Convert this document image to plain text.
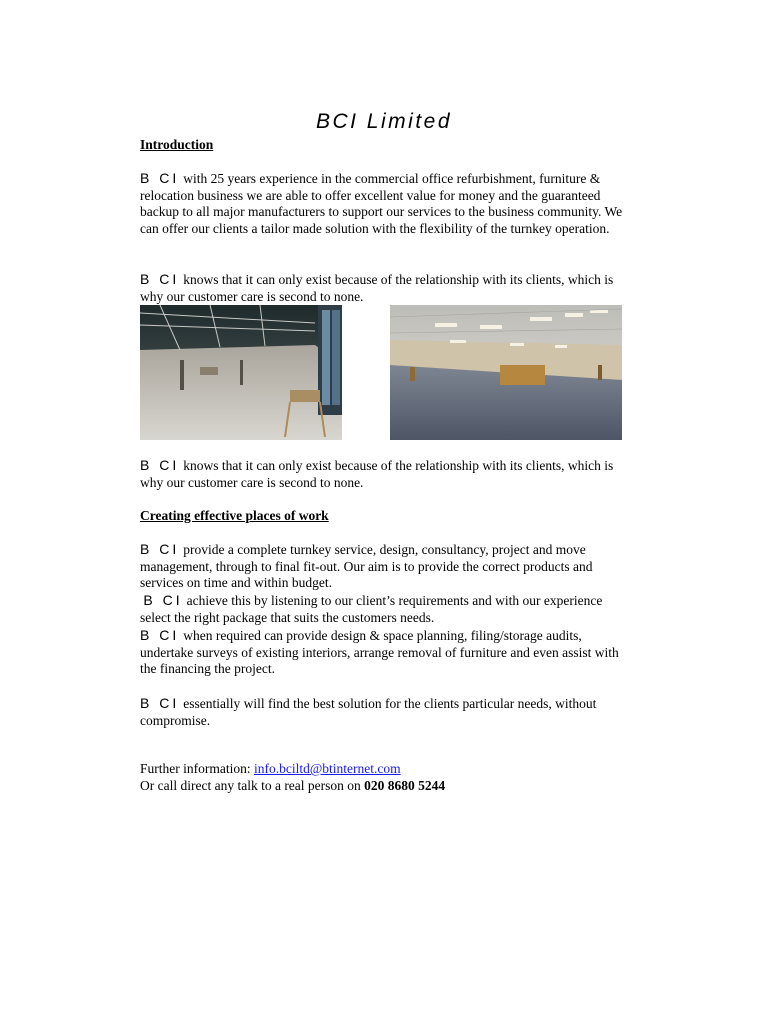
BCI Limited
Introduction
B CI with 25 years experience in the commercial office refurbishment, furniture & relocation business we are able to offer excellent value for money and the guaranteed backup to all major manufacturers to support our services to the business community. We can offer our clients a tailor made solution with the flexibility of the turnkey operation.
B CI knows that it can only exist because of the relationship with its clients, which is why our customer care is second to none.
B CI knows that it can only exist because of the relationship with its clients, which is why our customer care is second to none.
Creating effective places of work
B CI provide a complete turnkey service, design, consultancy, project and move management, through to final fit-out. Our aim is to provide the correct products and services on time and within budget.
B CI achieve this by listening to our client’s requirements and with our experience select the right package that suits the customers needs.
B CI when required can provide design & space planning, filing/storage audits, undertake surveys of existing interiors, arrange removal of furniture and even assist with the financing the project.
B CI essentially will find the best solution for the clients particular needs, without compromise.
Further information: info.bciltd@btinternet.com
Or call direct any talk to a real person on 020 8680 5244
